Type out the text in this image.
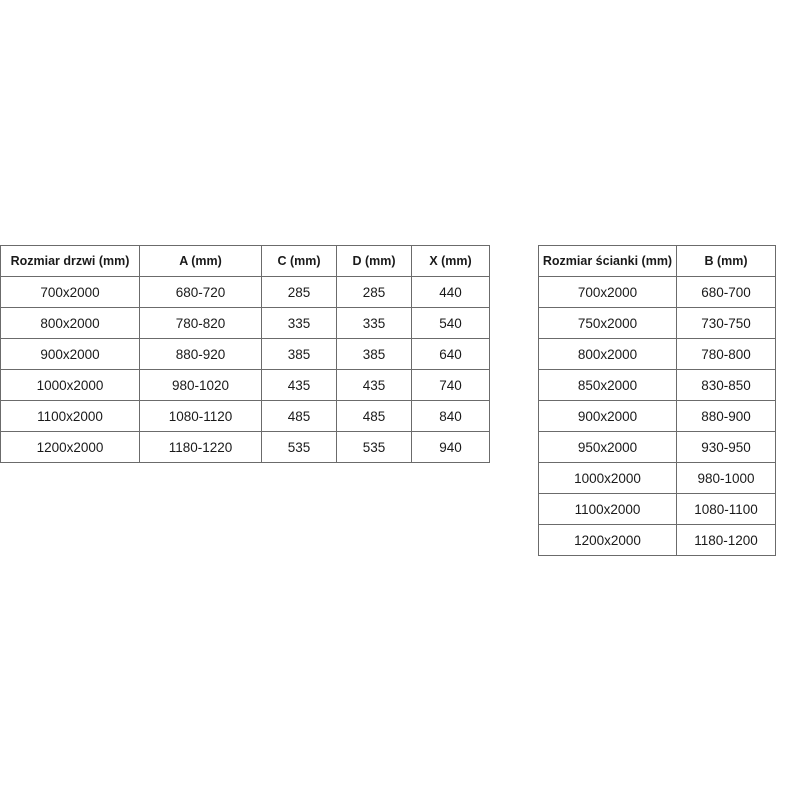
Rozmiar drzwi (mm)	A (mm)	C (mm)	D (mm)	X (mm)
700x2000	680-720	285	285	440
800x2000	780-820	335	335	540
900x2000	880-920	385	385	640
1000x2000	980-1020	435	435	740
1100x2000	1080-1120	485	485	840
1200x2000	1180-1220	535	535	940
Rozmiar ścianki (mm)	B (mm)
700x2000	680-700
750x2000	730-750
800x2000	780-800
850x2000	830-850
900x2000	880-900
950x2000	930-950
1000x2000	980-1000
1100x2000	1080-1100
1200x2000	1180-1200
